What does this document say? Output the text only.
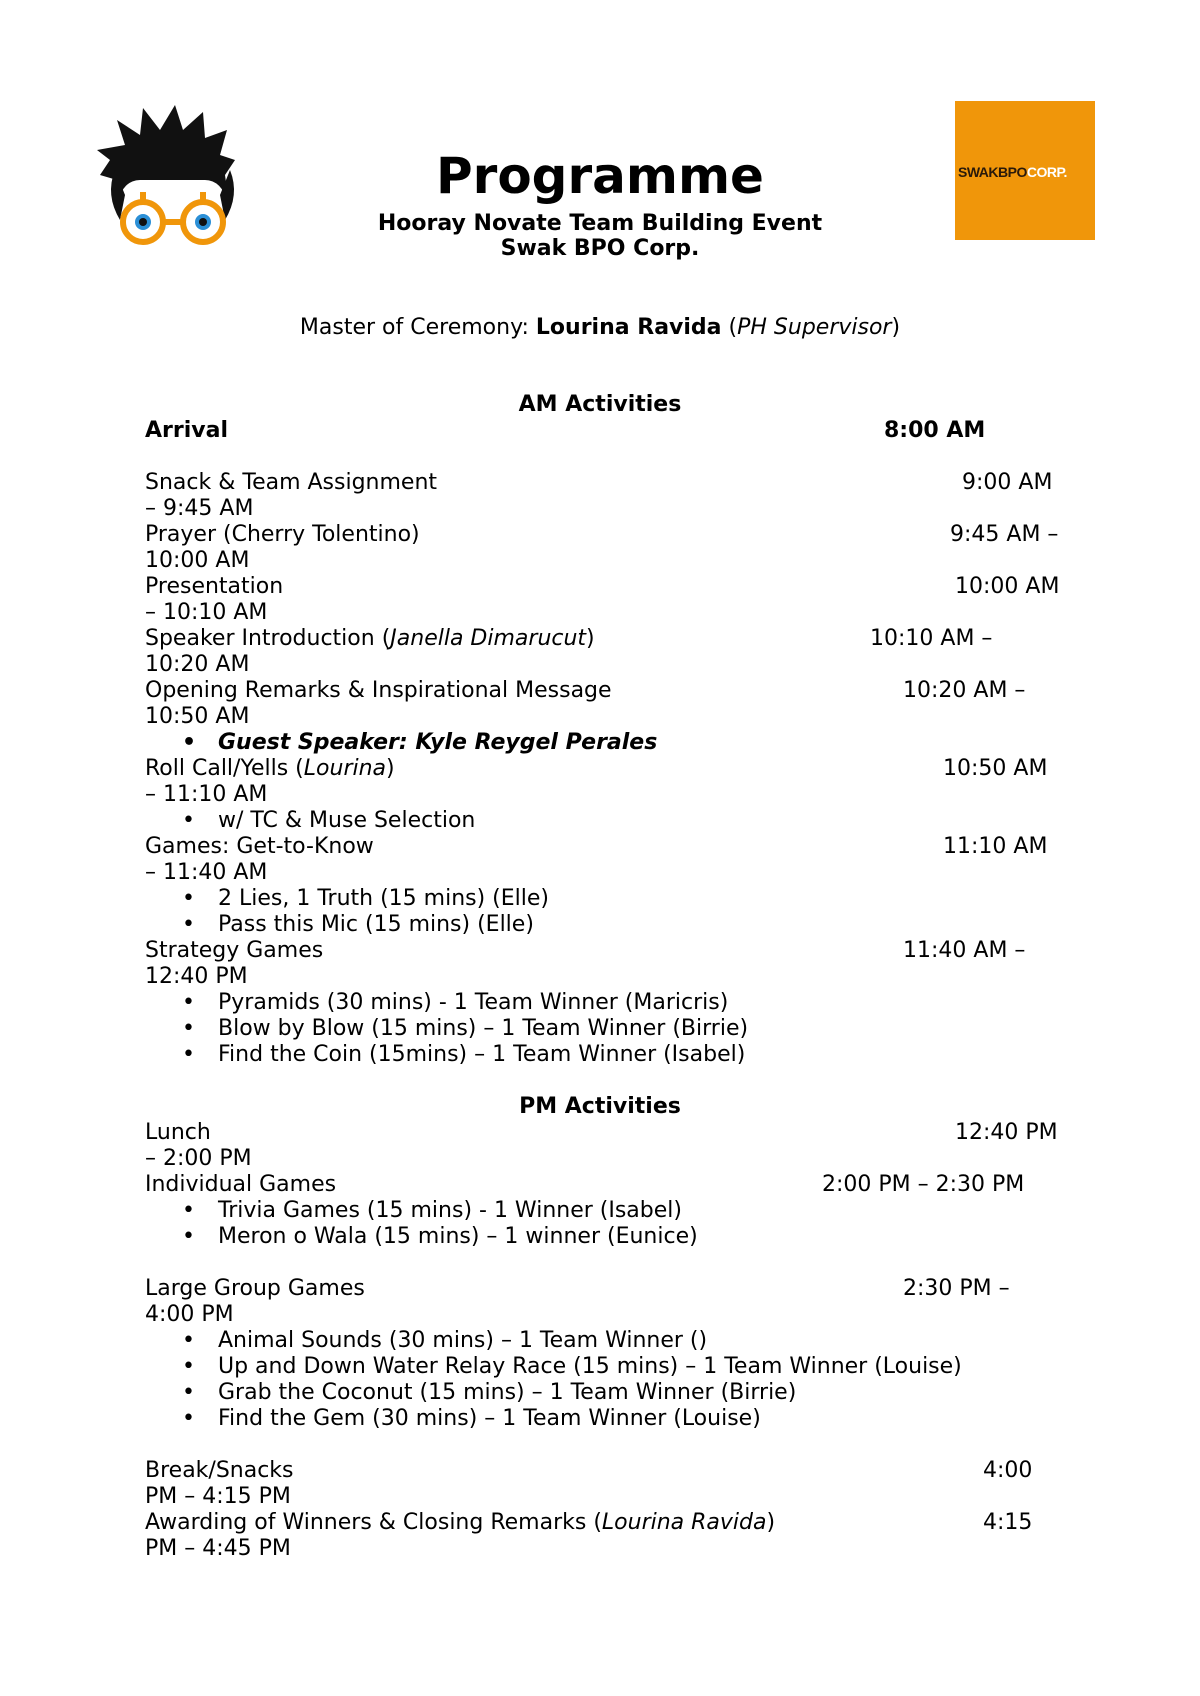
SWAKBPOCORP.
Programme
Hooray Novate Team Building Event
Swak BPO Corp.
Master of Ceremony: Lourina Ravida (PH Supervisor)
AM Activities
Arrival	8:00 AM
Snack & Team Assignment	9:00 AM
– 9:45 AM
Prayer (Cherry Tolentino)	9:45 AM –
10:00 AM
Presentation	10:00 AM
– 10:10 AM
Speaker Introduction (Janella Dimarucut)	10:10 AM –
10:20 AM
Opening Remarks & Inspirational Message	10:20 AM –
10:50 AM
• Guest Speaker: Kyle Reygel Perales
Roll Call/Yells (Lourina)	10:50 AM
– 11:10 AM
• w/ TC & Muse Selection
Games: Get-to-Know	11:10 AM
– 11:40 AM
• 2 Lies, 1 Truth (15 mins) (Elle)
• Pass this Mic (15 mins) (Elle)
Strategy Games	11:40 AM –
12:40 PM
• Pyramids (30 mins) - 1 Team Winner (Maricris)
• Blow by Blow (15 mins) – 1 Team Winner (Birrie)
• Find the Coin (15mins) – 1 Team Winner (Isabel)
PM Activities
Lunch	12:40 PM
– 2:00 PM
Individual Games	2:00 PM – 2:30 PM
• Trivia Games (15 mins) - 1 Winner (Isabel)
• Meron o Wala (15 mins) – 1 winner (Eunice)
Large Group Games	2:30 PM –
4:00 PM
• Animal Sounds (30 mins) – 1 Team Winner ()
• Up and Down Water Relay Race (15 mins) – 1 Team Winner (Louise)
• Grab the Coconut (15 mins) – 1 Team Winner (Birrie)
• Find the Gem (30 mins) – 1 Team Winner (Louise)
Break/Snacks	4:00
PM – 4:15 PM
Awarding of Winners & Closing Remarks (Lourina Ravida)	4:15
PM – 4:45 PM
